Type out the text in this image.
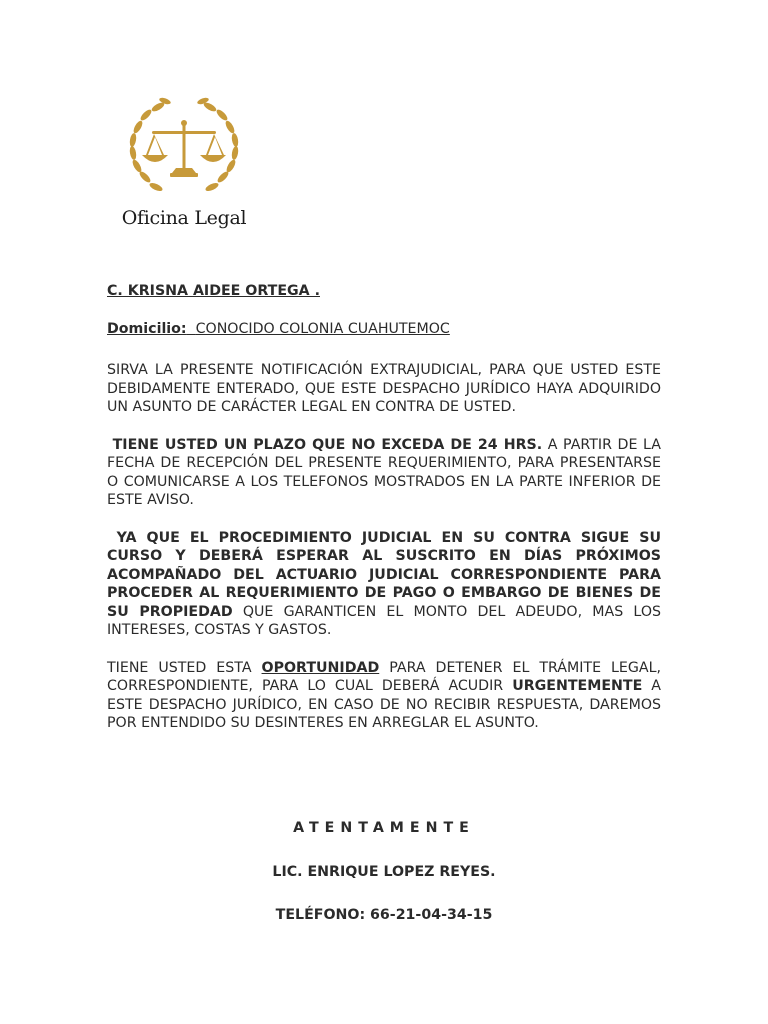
Oficina Legal
C. KRISNA AIDEE ORTEGA .
Domicilio: CONOCIDO COLONIA CUAHUTEMOC

SIRVA LA PRESENTE NOTIFICACIÓN EXTRAJUDICIAL, PARA QUE USTED ESTE DEBIDAMENTE ENTERADO, QUE ESTE DESPACHO JURÍDICO HAYA ADQUIRIDO UN ASUNTO DE CARÁCTER LEGAL EN CONTRA DE USTED.

TIENE USTED UN PLAZO QUE NO EXCEDA DE 24 HRS. A PARTIR DE LA FECHA DE RECEPCIÓN DEL PRESENTE REQUERIMIENTO, PARA PRESENTARSE O COMUNICARSE A LOS TELEFONOS MOSTRADOS EN LA PARTE INFERIOR DE ESTE AVISO.

YA QUE EL PROCEDIMIENTO JUDICIAL EN SU CONTRA SIGUE SU CURSO Y DEBERÁ ESPERAR AL SUSCRITO EN DÍAS PRÓXIMOS ACOMPAÑADO DEL ACTUARIO JUDICIAL CORRESPONDIENTE PARA PROCEDER AL REQUERIMIENTO DE PAGO O EMBARGO DE BIENES DE SU PROPIEDAD QUE GARANTICEN EL MONTO DEL ADEUDO, MAS LOS INTERESES, COSTAS Y GASTOS.

TIENE USTED ESTA OPORTUNIDAD PARA DETENER EL TRÁMITE LEGAL, CORRESPONDIENTE, PARA LO CUAL DEBERÁ ACUDIR URGENTEMENTE A ESTE DESPACHO JURÍDICO, EN CASO DE NO RECIBIR RESPUESTA, DAREMOS POR ENTENDIDO SU DESINTERES EN ARREGLAR EL ASUNTO.

ATENTAMENTE
LIC. ENRIQUE LOPEZ REYES.
TELÉFONO: 66-21-04-34-15
